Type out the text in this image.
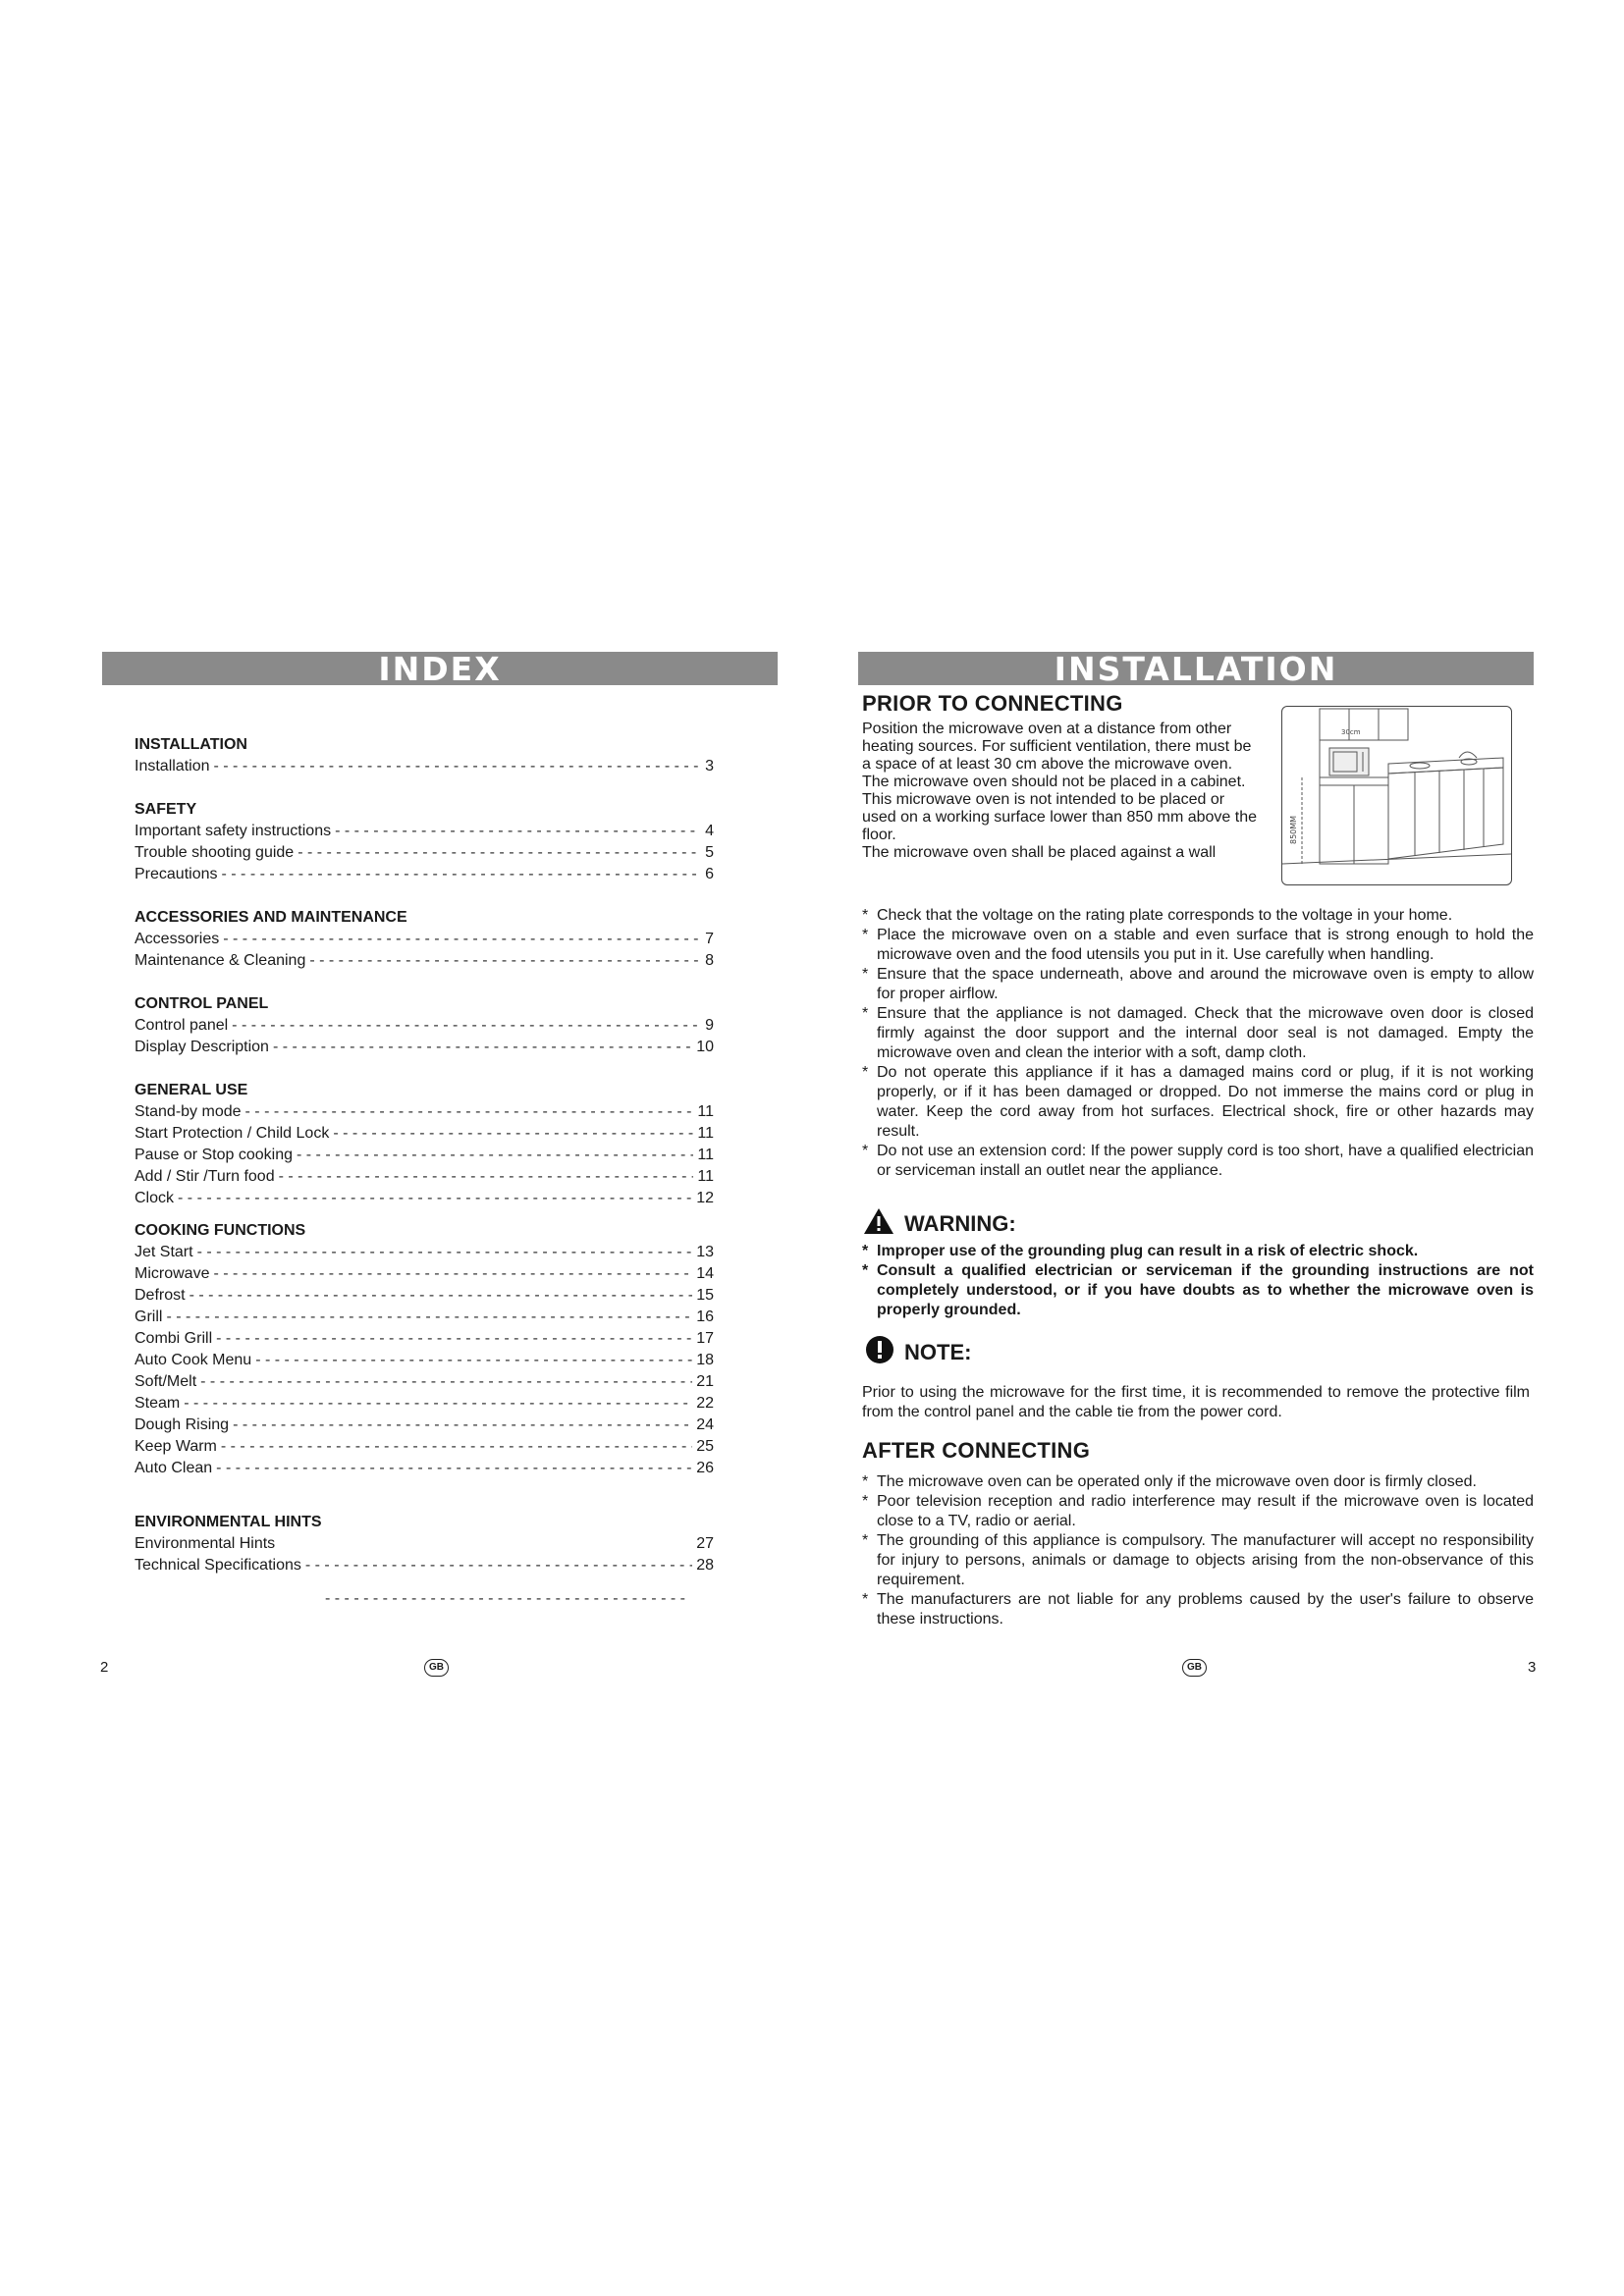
INDEX
INSTALLATION
Installation - - -	3
SAFETY
Important safety instructions - - -	4
Trouble shooting guide - - -	5
Precautions - - -	6
ACCESSORIES AND MAINTENANCE
Accessories - - -	7
Maintenance & Cleaning - - -	8
CONTROL PANEL
Control panel - - -	9
Display Description - - -	10
GENERAL USE
Stand-by mode - - -	11
Start Protection / Child Lock - - -	11
Pause or Stop cooking - - -	11
Add / Stir /Turn food - - -	11
Clock - - -	12
COOKING FUNCTIONS
Jet Start - - -	13
Microwave - - -	14
Defrost - - -	15
Grill - - -	16
Combi Grill - - -	17
Auto Cook Menu - - -	18
Soft/Melt - - -	21
Steam - - -	22
Dough Rising - - -	24
Keep Warm - - -	25
Auto Clean - - -	26
ENVIRONMENTAL HINTS
Environmental Hints	27
Technical Specifications - - -	28
- - -
2	GB
INSTALLATION
PRIOR TO CONNECTING

Position the microwave oven at a distance from other heating sources. For sufficient ventilation, there must be a space of at least 30 cm above the microwave oven.

The microwave oven should not be placed in a cabinet. This microwave oven is not intended to be placed or used on a working surface lower than 850 mm above the floor.

The microwave oven shall be placed against a wall

30cm
850MM
* Check that the voltage on the rating plate corresponds to the voltage in your home.
* Place the microwave oven on a stable and even surface that is strong enough to hold the microwave oven and the food utensils you put in it. Use carefully when handling.
* Ensure that the space underneath, above and around the microwave oven is empty to allow for proper airflow.
* Ensure that the appliance is not damaged. Check that the microwave oven door is closed firmly against the door support and the internal door seal is not damaged. Empty the microwave oven and clean the interior with a soft, damp cloth.
* Do not operate this appliance if it has a damaged mains cord or plug, if it is not working properly, or if it has been damaged or dropped. Do not immerse the mains cord or plug in water. Keep the cord away from hot surfaces. Electrical shock, fire or other hazards may result.
* Do not use an extension cord: If the power supply cord is too short, have a qualified electrician or serviceman install an outlet near the appliance.
WARNING:
* Improper use of the grounding plug can result in a risk of electric shock.
* Consult a qualified electrician or serviceman if the grounding instructions are not completely understood, or if you have doubts as to whether the microwave oven is properly grounded.
NOTE:
Prior to using the microwave for the first time, it is recommended to remove the protective film from the control panel and the cable tie from the power cord.
AFTER CONNECTING
* The microwave oven can be operated only if the microwave oven door is firmly closed.
* Poor television reception and radio interference may result if the microwave oven is located close to a TV, radio or aerial.
* The grounding of this appliance is compulsory. The manufacturer will accept no responsibility for injury to persons, animals or damage to objects arising from the non-observance of this requirement.
* The manufacturers are not liable for any problems caused by the user's failure to observe these instructions.
GB	3
